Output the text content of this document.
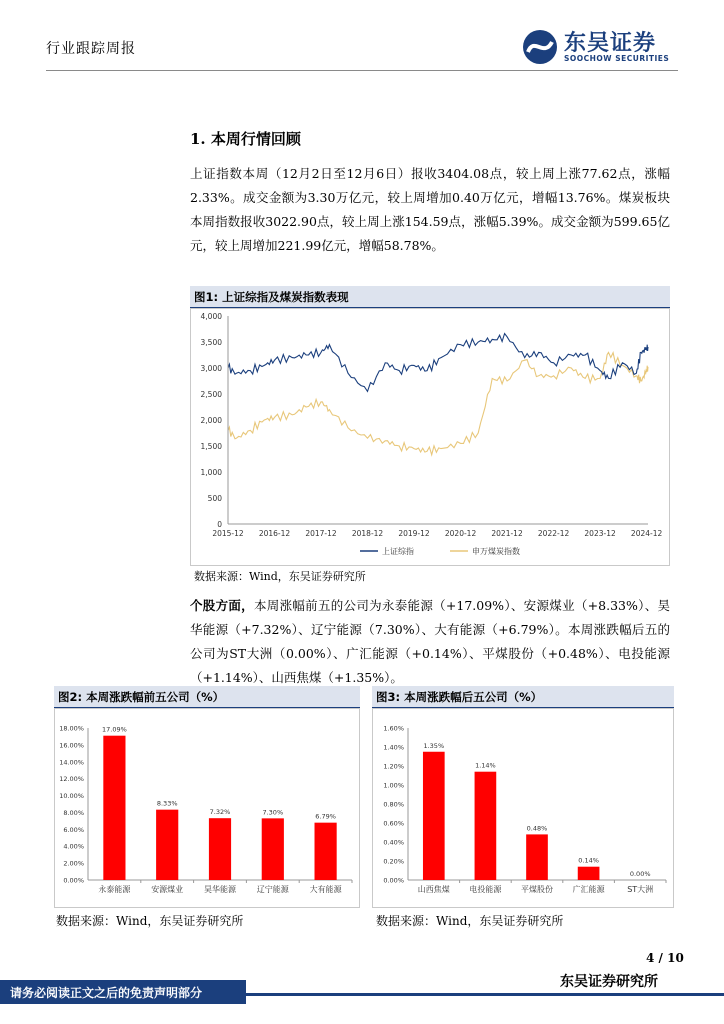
行业跟踪周报	东吴证券
SOOCHOW SECURITIES
1. 本周行情回顾
上证指数本周（12月2日至12月6日）报收3404.08点，较上周上涨77.62点，涨幅2.33%。成交金额为3.30万亿元，较上周增加0.40万亿元，增幅13.76%。煤炭板块本周指数报收3022.90点，较上周上涨154.59点，涨幅5.39%。成交金额为599.65亿元，较上周增加221.99亿元，增幅58.78%。
图1: 上证综指及煤炭指数表现
2015-12 2016-12 2017-12 2018-12 2019-12 2020-12 2021-12 2022-12 2023-12 2024-12
0
500
1,000
1,500
2,000
2,500
3,000
3,500
4,000
上证综指	申万煤炭指数
数据来源：Wind，东吴证券研究所
个股方面，本周涨幅前五的公司为永泰能源（+17.09%）、安源煤业（+8.33%）、昊华能源（+7.32%）、辽宁能源（7.30%）、大有能源（+6.79%）。本周涨跌幅后五的公司为ST大洲（0.00%）、广汇能源（+0.14%）、平煤股份（+0.48%）、电投能源（+1.14%）、山西焦煤（+1.35%）。
图2: 本周涨跌幅前五公司（%）
0.00%
2.00%
4.00%
6.00%
8.00%
10.00%
12.00%
14.00%
16.00%
18.00%	17.09%
永泰能源
8.33%
安源煤业
7.32%
昊华能源
7.30%
辽宁能源
6.79%
大有能源
数据来源：Wind，东吴证券研究所
图3: 本周涨跌幅后五公司（%）
0.00%
0.20%
0.40%
0.60%
0.80%
1.00%
1.20%
1.40%
1.60%
1.35%
山西焦煤
1.14%
电投能源
0.48%
平煤股份
0.14%
广汇能源
0.00%
ST大洲
数据来源：Wind，东吴证券研究所
4 / 10
东吴证券研究所
请务必阅读正文之后的免责声明部分
